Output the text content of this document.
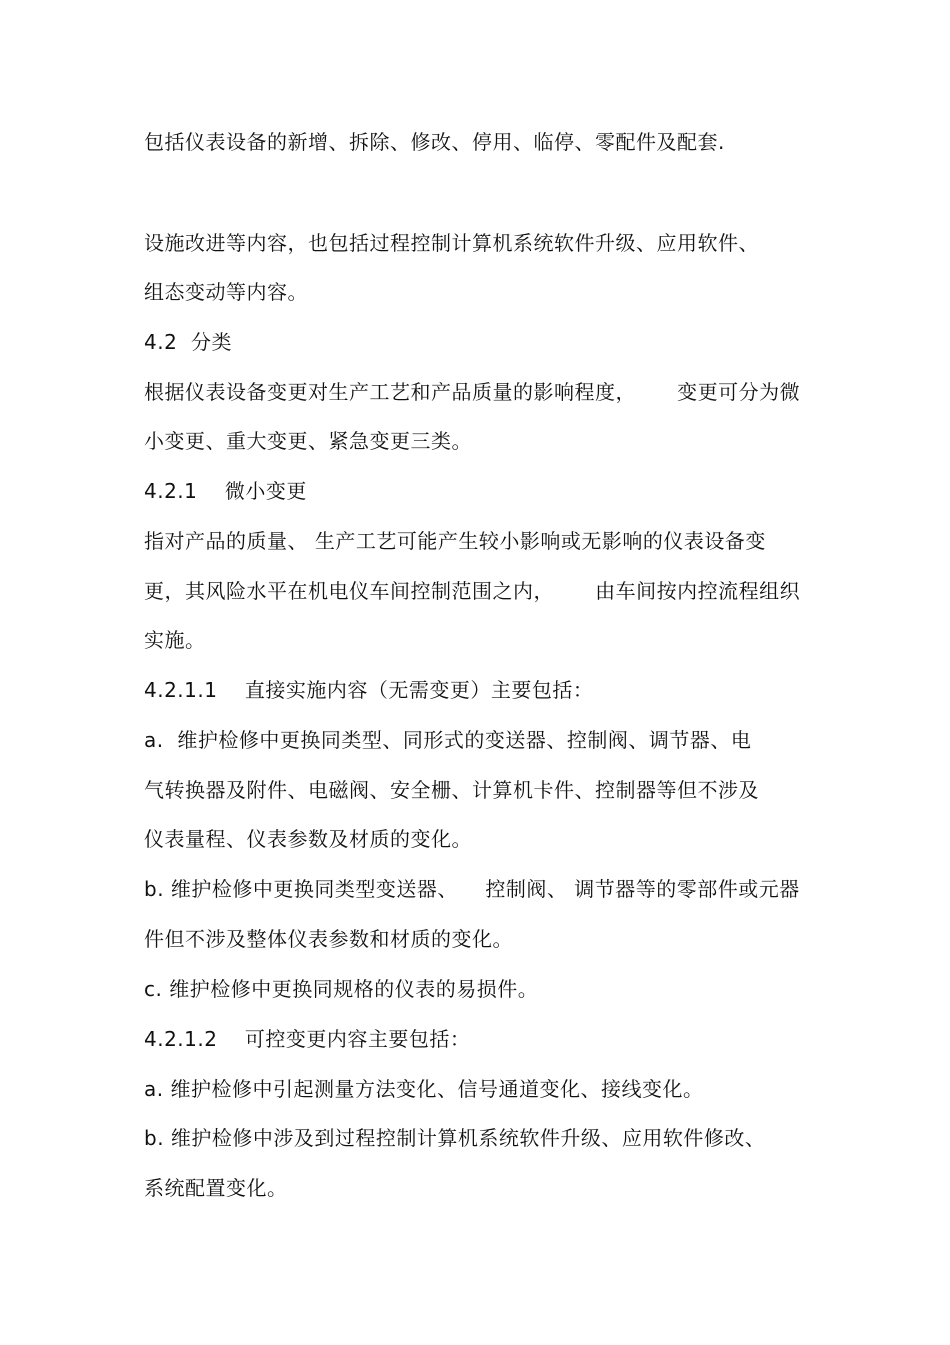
包括仪表设备的新增、拆除、修改、停用、临停、零配件及配套.
设施改进等内容，也包括过程控制计算机系统软件升级、应用软件、
组态变动等内容。
4.2  分类
根据仪表设备变更对生产工艺和产品质量的影响程度，      变更可分为微
小变更、重大变更、紧急变更三类。
4.2.1    微小变更
指对产品的质量、 生产工艺可能产生较小影响或无影响的仪表设备变
更，其风险水平在机电仪车间控制范围之内，      由车间按内控流程组织
实施。
4.2.1.1    直接实施内容（无需变更）主要包括：
a.  维护检修中更换同类型、同形式的变送器、控制阀、调节器、电
气转换器及附件、电磁阀、安全栅、计算机卡件、控制器等但不涉及
仪表量程、仪表参数及材质的变化。
b. 维护检修中更换同类型变送器、    控制阀、 调节器等的零部件或元器
件但不涉及整体仪表参数和材质的变化。
c. 维护检修中更换同规格的仪表的易损件。
4.2.1.2    可控变更内容主要包括：
a. 维护检修中引起测量方法变化、信号通道变化、接线变化。
b. 维护检修中涉及到过程控制计算机系统软件升级、应用软件修改、
系统配置变化。
